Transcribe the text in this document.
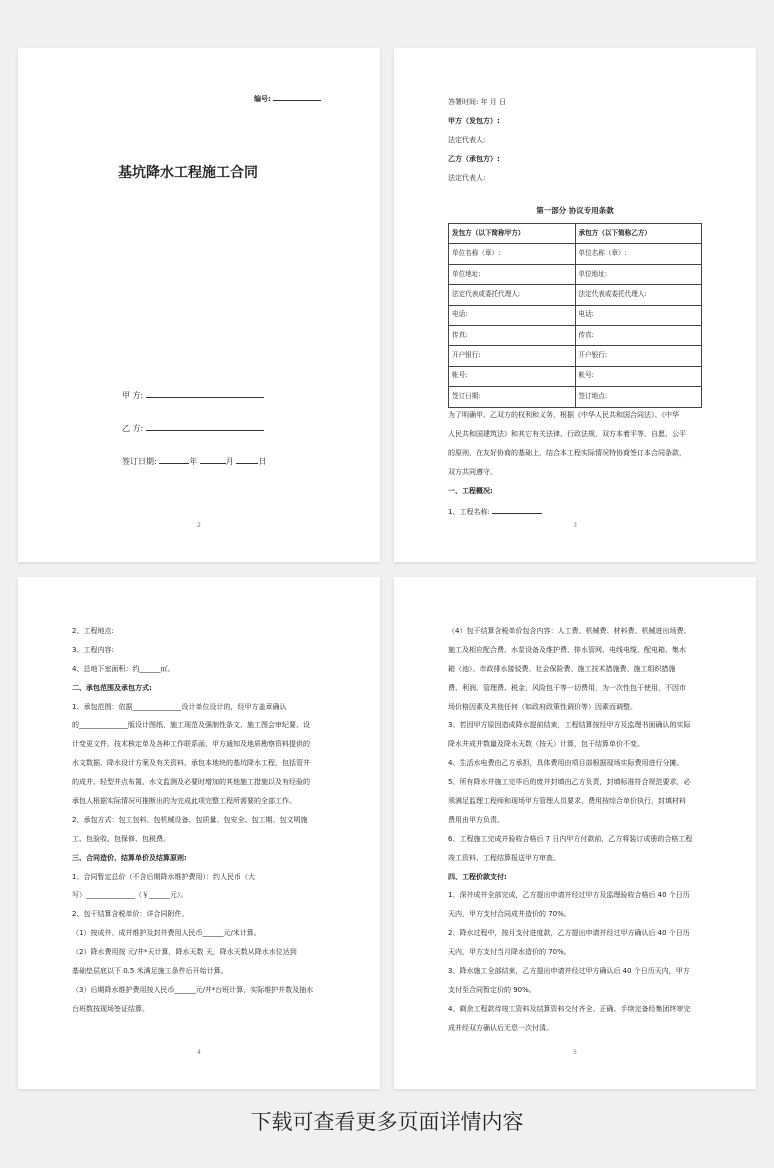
编号:
基坑降水工程施工合同
甲 方:
乙 方:
签订日期:	年	月	日
2
答署时间: 年 月 日
甲方（发包方）:
法定代表人:
乙方（承包方）:
法定代表人:
第一部分 协议专用条款
发包方（以下简称甲方）	承包方（以下简称乙方）
单位名称（章）:	单位名称（章）:
单位地址:	单位地址:
法定代表或委托代理人:	法定代表或委托代理人:
电话:	电话:
传真:	传真:
开户银行:	开户银行:
帐号:	帐号:
签订日期:	签订地点:
为了明确甲、乙双方的权利和义务，根据《中华人民共和国合同法》、《中华
人民共和国建筑法》和其它有关法律、行政法规，双方本着平等、自愿、公平
的原则，在友好协商的基础上，结合本工程实际情况特协商签订本合同条款，
双方共同遵守。
一、工程概况:
1、工程名称:
3
2、工程地点:
3、工程内容:
4、总地下室面积：约______㎡。
二、承包范围及承包方式:
1、承包范围：依据______________设计单位设计的，经甲方盖章确认
的______________版设计图纸、施工现范及强制性条文、施工图会审纪要、设
计变更文件、技术核定单及各种工作联系函、甲方通知及地质勘察资料提供的
水文数据、降水设计方案及有关资料、承包本地块的基坑降水工程，包括管井
的成井、轻型井点布置、水文监测及必要时增加的其他施工措施以及有经验的
承包人根据实际情况可推断出的为完成此项完整工程所需要的全部工作。
2、承包方式：包工包料、包机械设备、包质量、包安全、包工期、包文明施
工、包验收、包保修、包税费。
三、合同造价、结算单价及结算原则:
1、合同暂定总价（不含后期降水维护费用）：约人民币（大
写）______________（￥______元）。
2、包干结算含税单价：详合同附件。
（1）按成井、成井维护及封井费用人民币______元/米计算。
（2）降水费用按 元/井*天计算，降水天数 天，降水天数从降水水位达到
基础垫层底以下 0.5 米满足施工条件后开始计算。
（3）后期降水维护费用按人民币______元/井*台班计算，实际维护井数及抽水
台班数按现场签证结算。
4
（4）包干结算含税单价包含内容：人工费、机械费、材料费、机械进出场费、
施工及相应配合费、水泵设备及维护费、排水管网、电线电缆、配电箱、集水
箱（池）、市政排水接驳费、社会保险费、施工技术措施费、施工组织措施
费、利润、管理费、税金、风险包干等一切费用，为一次性包干使用，不因市
场价格因素及其他任何（如政府政策性调价等）因素而调整。
3、若因甲方原因造成降水提前结束，工程结算按经甲方及监理书面确认的实际
降水井成井数量及降水天数（按天）计算，包干结算单价不变。
4、生活水电费由乙方承担，具体费用由项目部根据现场实际费用进行分摊。
5、所有降水井施工完毕后的废井封填由乙方负责，封填标准符合规范要求，必
须满足监理工程师和现场甲方管理人员要求，费用按综合单价执行，封填材料
费用由甲方负责。
6、工程施工完成并验收合格后 7 日内甲方付款前，乙方将装订成册的合格工程
竣工资料、工程结算报送甲方审查。
四、工程价款支付:
1、深井成井全部完成，乙方提出申请并经过甲方及监理验收合格后 40 个日历
天内，甲方支付合同成井造价的 70%。
2、降水过程中，按月支付进度款，乙方提出申请并经过甲方确认后 40 个日历
天内，甲方支付当月降水造价的 70%。
3、降水施工全部结束，乙方提出申请并经过甲方确认后 40 个日历天内，甲方
支付至合同暂定价的 90%。
4、剩余工程款待竣工资料及结算资料交付齐全、正确、手续完备经集团终审完
成并经双方确认后无息一次付清。
5
下载可查看更多页面详情内容
